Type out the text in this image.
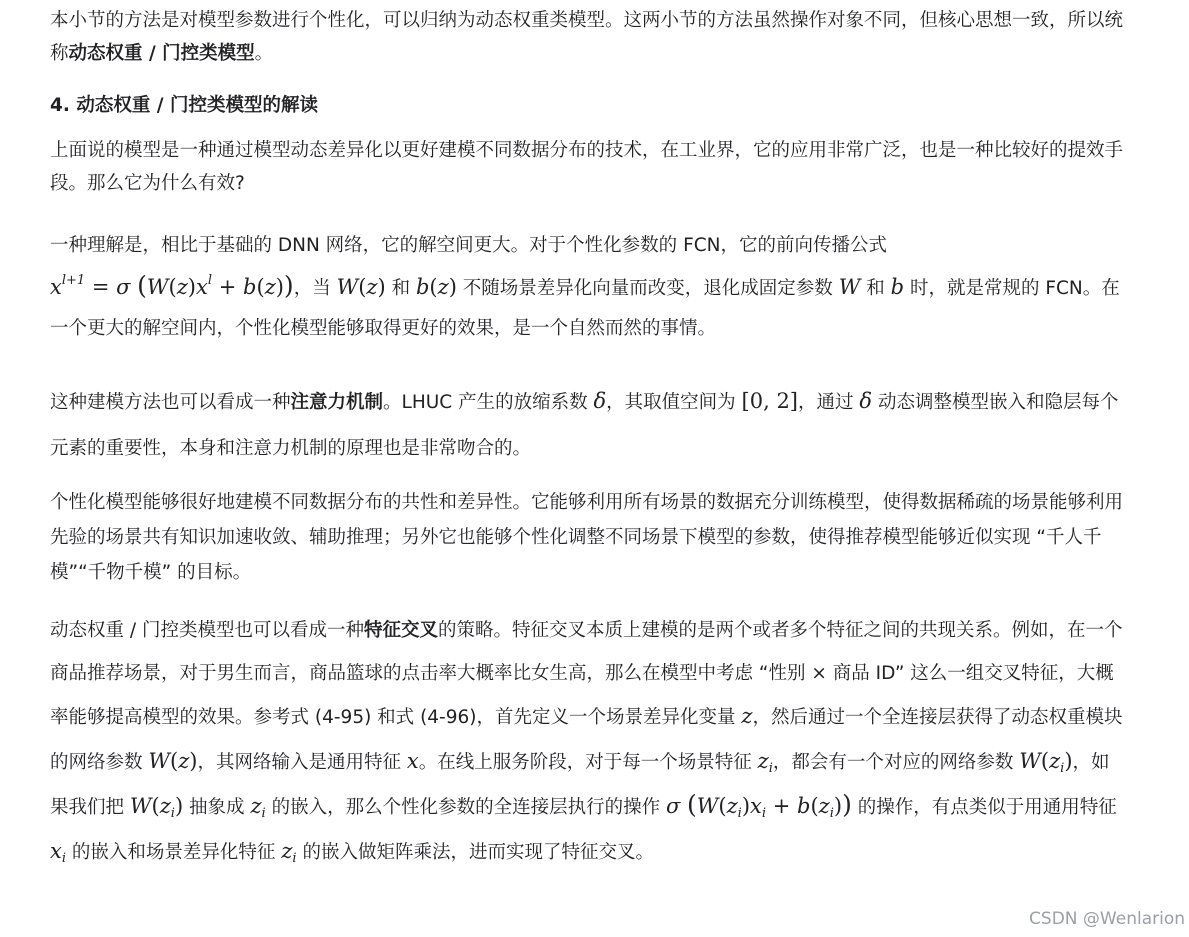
本小节的方法是对模型参数进行个性化，可以归纳为动态权重类模型。这两小节的方法虽然操作对象不同，但核心思想一致，所以统称动态权重 / 门控类模型。

4. 动态权重 / 门控类模型的解读

上面说的模型是一种通过模型动态差异化以更好建模不同数据分布的技术，在工业界，它的应用非常广泛，也是一种比较好的提效手段。那么它为什么有效?

一种理解是，相比于基础的 DNN 网络，它的解空间更大。对于个性化参数的 FCN，它的前向传播公式
$x^{l+1} = \sigma$ $(W(z)x^l + b(z))$，当 W(z) 和 b(z) 不随场景差异化向量而改变，退化成固定参数 W 和 b 时，就是常规的 FCN。在一个更大的解空间内，个性化模型能够取得更好的效果，是一个自然而然的事情。

这种建模方法也可以看成一种注意力机制。LHUC 产生的放缩系数 δ，其取值空间为 [0, 2]，通过 δ 动态调整模型嵌入和隐层每个元素的重要性，本身和注意力机制的原理也是非常吻合的。

个性化模型能够很好地建模不同数据分布的共性和差异性。它能够利用所有场景的数据充分训练模型，使得数据稀疏的场景能够利用先验的场景共有知识加速收敛、辅助推理；另外它也能够个性化调整不同场景下模型的参数，使得推荐模型能够近似实现 “千人千模”“千物千模” 的目标。

动态权重 / 门控类模型也可以看成一种特征交叉的策略。特征交叉本质上建模的是两个或者多个特征之间的共现关系。例如，在一个商品推荐场景，对于男生而言，商品篮球的点击率大概率比女生高，那么在模型中考虑 “性别 × 商品 ID” 这么一组交叉特征，大概率能够提高模型的效果。参考式 (4-95) 和式 (4-96)，首先定义一个场景差异化变量 z，然后通过一个全连接层获得了动态权重模块的网络参数 W(z)，其网络输入是通用特征 x。在线上服务阶段，对于每一个场景特征 $z_i$，都会有一个对应的网络参数 $W(z_i)$，如果我们把 $W(z_i)$ 抽象成 $z_i$ 的嵌入，那么个性化参数的全连接层执行的操作 σ $(W(z_i)x_i + b(z_i))$ 的操作，有点类似于用通用特征 $x_i$ 的嵌入和场景差异化特征 $z_i$ 的嵌入做矩阵乘法，进而实现了特征交叉。

CSDN @Wenlarion
